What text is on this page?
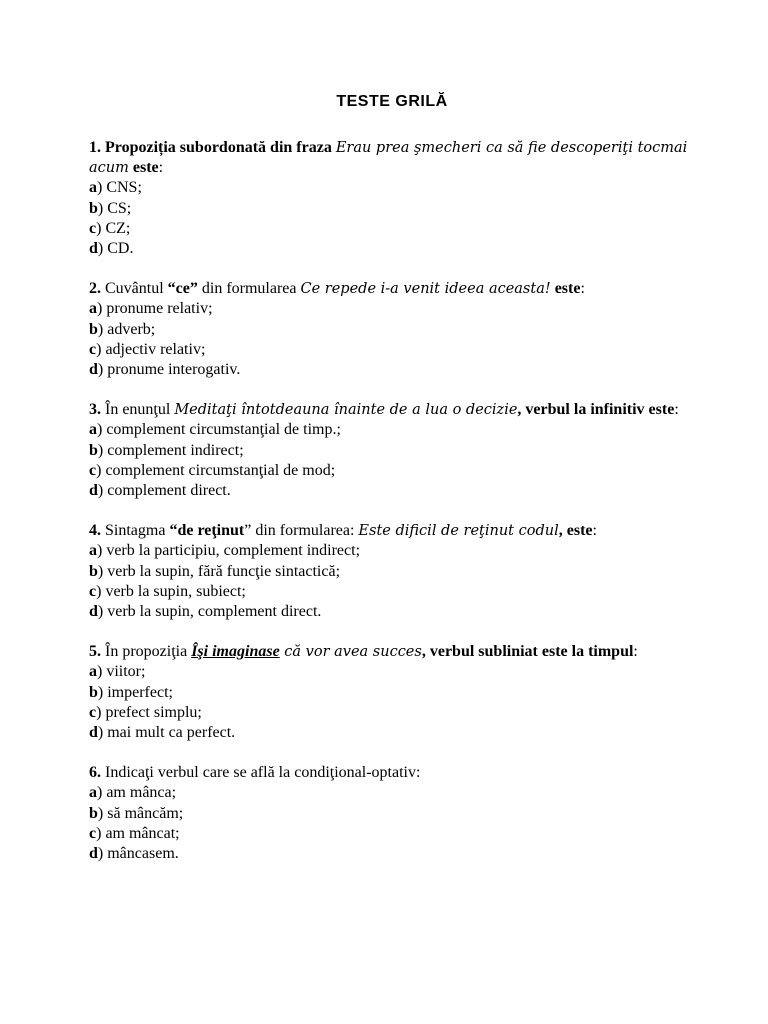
TESTE GRILĂ

1. Propoziția subordonată din fraza Erau prea şmecheri ca să fie descoperiţi tocmai acum este:

a) CNS;

b) CS;

c) CZ;

d) CD.

2. Cuvântul “ce” din formularea Ce repede i-a venit ideea aceasta! este:

a) pronume relativ;

b) adverb;

c) adjectiv relativ;

d) pronume interogativ.

3. În enunţul Meditaţi întotdeauna înainte de a lua o decizie, verbul la infinitiv este:

a) complement circumstanţial de timp.;

b) complement indirect;

c) complement circumstanţial de mod;

d) complement direct.

4. Sintagma “de reţinut” din formularea: Este dificil de reţinut codul, este:

a) verb la participiu, complement indirect;

b) verb la supin, fără funcţie sintactică;

c) verb la supin, subiect;

d) verb la supin, complement direct.

5. În propoziţia Îşi imaginase că vor avea succes, verbul subliniat este la timpul:

a) viitor;

b) imperfect;

c) prefect simplu;

d) mai mult ca perfect.

6. Indicaţi verbul care se află la condiţional-optativ:

a) am mânca;

b) să mâncăm;

c) am mâncat;

d) mâncasem.
